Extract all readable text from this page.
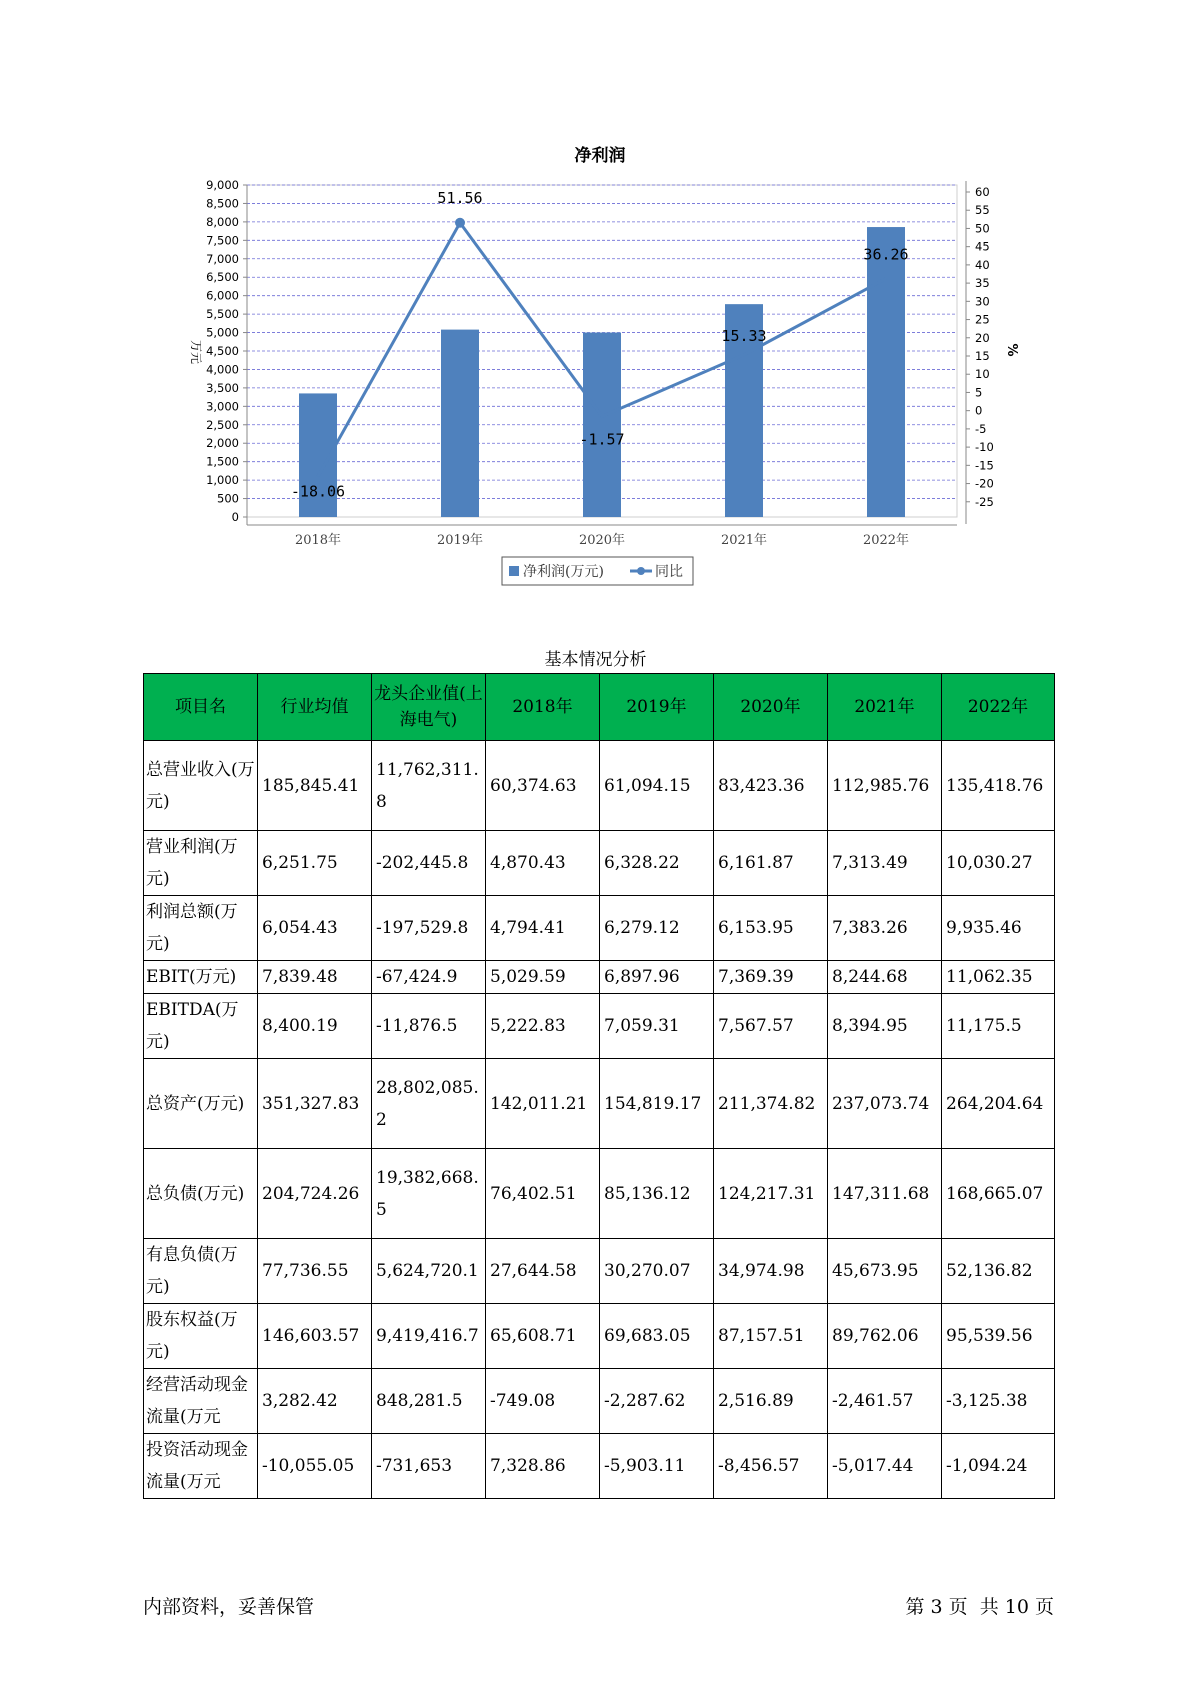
净利润
0
500
1,000
1,500
2,000
2,500
3,000
3,500
4,000
4,500
5,000
5,500
6,000
6,500
7,000
7,500
8,000
8,500
9,000
-25
-20
-15
-10
-5
0
5
10
15
20
25
30
35
40
45
50
55
60
万元	%
2018年	2019年	2020年	2021年	2022年
-18.06
51.56
-1.57
15.33
36.26
净利润(万元)	同比
基本情况分析
项目名	行业均值	龙头企业值(上海电气)	2018年	2019年	2020年	2021年	2022年
总营业收入(万元)	185,845.41	11,762,311.8	60,374.63	61,094.15	83,423.36	112,985.76	135,418.76
营业利润(万元)	6,251.75	-202,445.8	4,870.43	6,328.22	6,161.87	7,313.49	10,030.27
利润总额(万元)	6,054.43	-197,529.8	4,794.41	6,279.12	6,153.95	7,383.26	9,935.46
EBIT(万元)	7,839.48	-67,424.9	5,029.59	6,897.96	7,369.39	8,244.68	11,062.35
EBITDA(万元)	8,400.19	-11,876.5	5,222.83	7,059.31	7,567.57	8,394.95	11,175.5
总资产(万元)	351,327.83	28,802,085.2	142,011.21	154,819.17	211,374.82	237,073.74	264,204.64
总负债(万元)	204,724.26	19,382,668.5	76,402.51	85,136.12	124,217.31	147,311.68	168,665.07
有息负债(万元)	77,736.55	5,624,720.1	27,644.58	30,270.07	34,974.98	45,673.95	52,136.82
股东权益(万元)	146,603.57	9,419,416.7	65,608.71	69,683.05	87,157.51	89,762.06	95,539.56
经营活动现金流量(万元	3,282.42	848,281.5	-749.08	-2,287.62	2,516.89	-2,461.57	-3,125.38
投资活动现金流量(万元	-10,055.05	-731,653	7,328.86	-5,903.11	-8,456.57	-5,017.44	-1,094.24
内部资料，妥善保管	第 3 页  共 10 页
